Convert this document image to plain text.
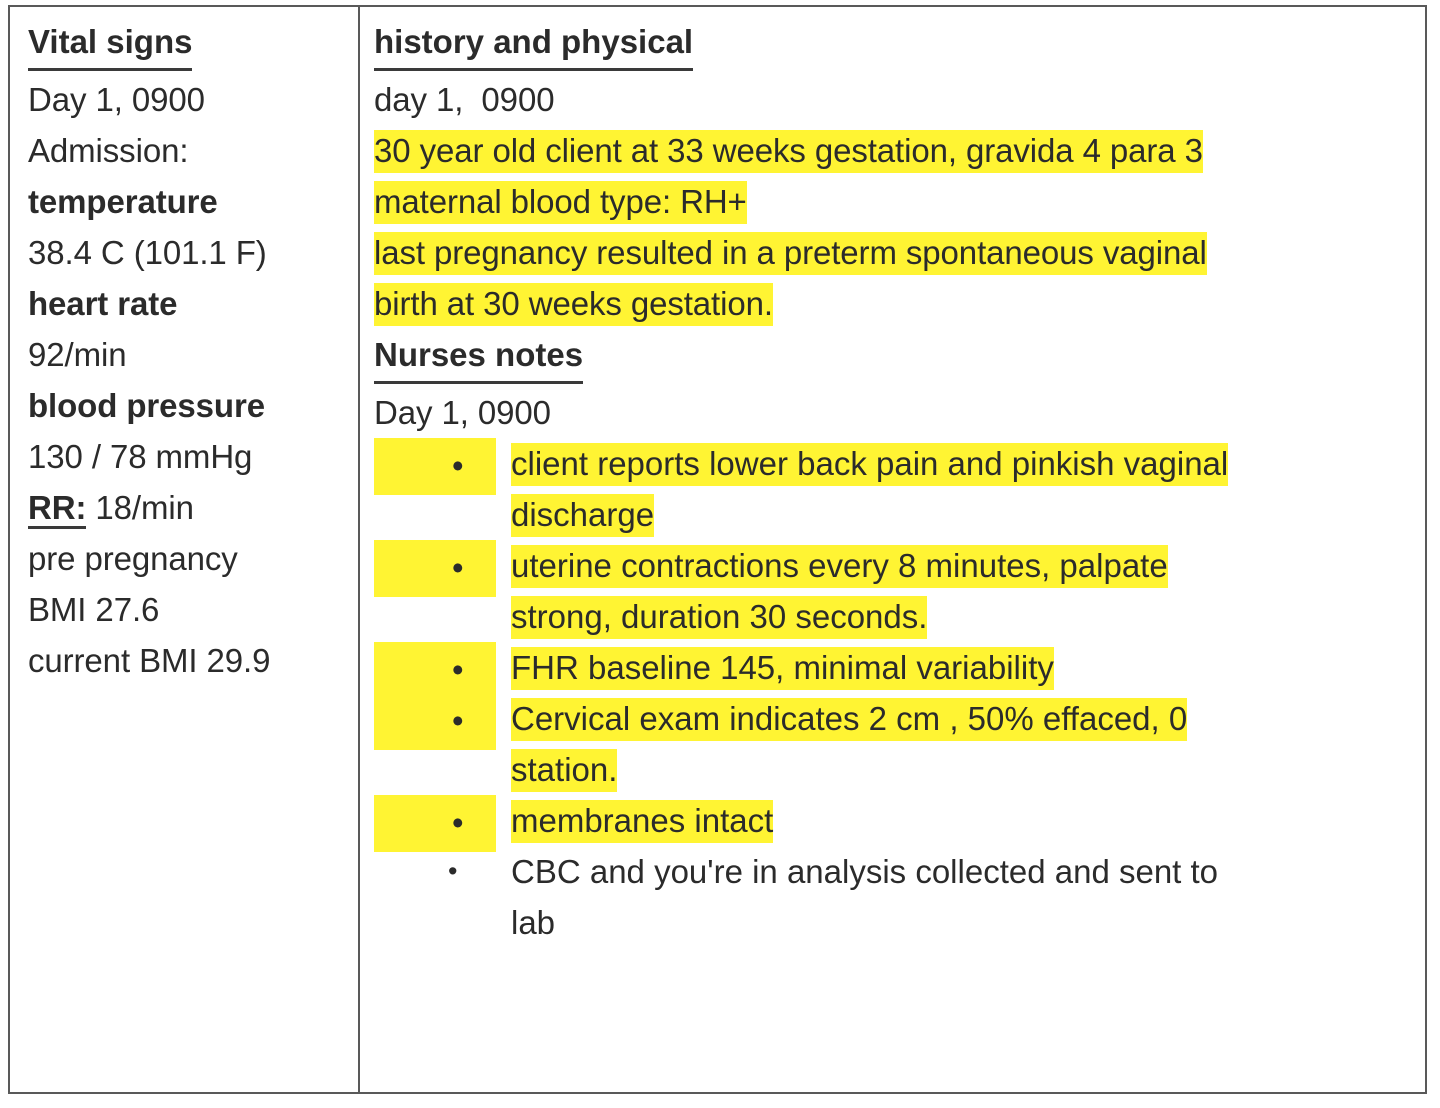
Vital signs
Day 1, 0900
Admission:
temperature
38.4 C (101.1 F)
heart rate
92/min
blood pressure
130 / 78 mmHg
RR: 18/min
pre pregnancy
BMI 27.6
current BMI 29.9
history and physical
day 1,  0900
30 year old client at 33 weeks gestation, gravida 4 para 3
maternal blood type: RH+
last pregnancy resulted in a preterm spontaneous vaginal
birth at 30 weeks gestation.
Nurses notes
Day 1, 0900
•	client reports lower back pain and pinkish vaginal
discharge
•	uterine contractions every 8 minutes, palpate
strong, duration 30 seconds.
•	FHR baseline 145, minimal variability
•	Cervical exam indicates 2 cm , 50% effaced, 0
station.
•	membranes intact
• CBC and you're in analysis collected and sent to
lab
